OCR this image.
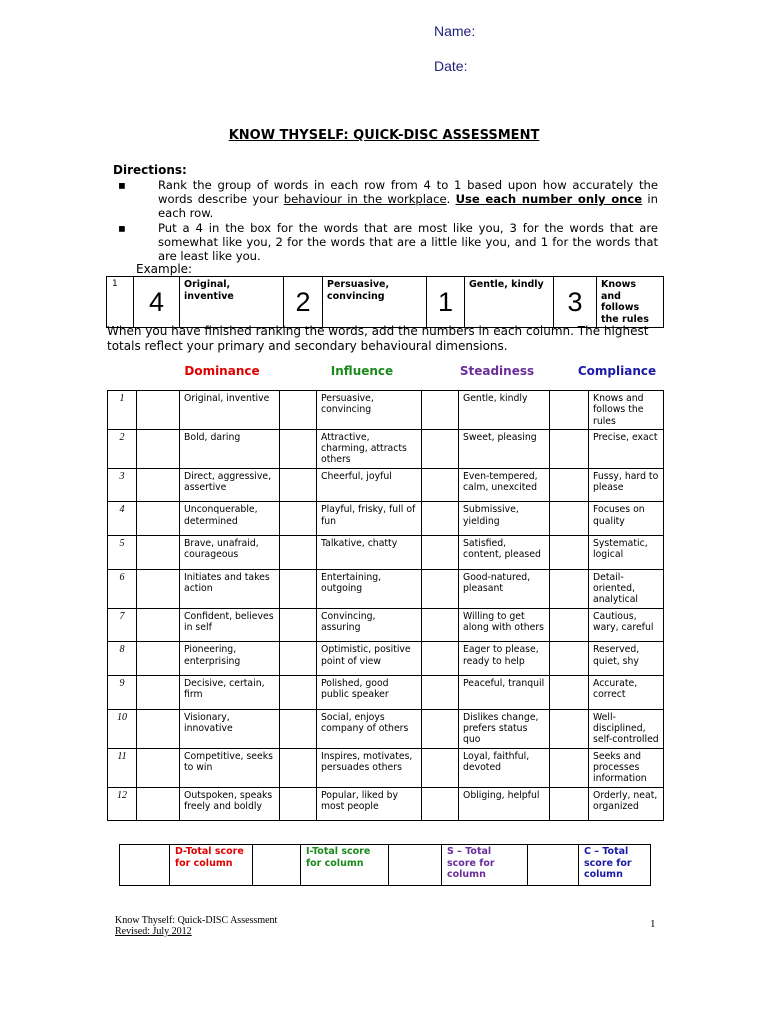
Name:
Date:
KNOW THYSELF: QUICK-DISC ASSESSMENT
Directions:
▪	Rank the group of words in each row from 4 to 1 based upon how accurately the words describe your behaviour in the workplace. Use each number only once in each row.
▪	Put a 4 in the box for the words that are most like you, 3 for the words that are somewhat like you, 2 for the words that are a little like you, and 1 for the words that are least like you.
Example:
1	4	Original, inventive	2	Persuasive, convincing	1	Gentle, kindly	3	Knows and follows the rules
When you have finished ranking the words, add the numbers in each column. The highest totals reflect your primary and secondary behavioural dimensions.
Dominance	Influence	Steadiness	Compliance
1		Original, inventive		Persuasive, convincing		Gentle, kindly		Knows and follows the rules
2		Bold, daring		Attractive, charming, attracts others		Sweet, pleasing		Precise, exact
3		Direct, aggressive, assertive		Cheerful, joyful		Even-tempered, calm, unexcited		Fussy, hard to please
4		Unconquerable, determined		Playful, frisky, full of fun		Submissive, yielding		Focuses on quality
5		Brave, unafraid, courageous		Talkative, chatty		Satisfied, content, pleased		Systematic, logical
6		Initiates and takes action		Entertaining, outgoing		Good-natured, pleasant		Detail-oriented, analytical
7		Confident, believes in self		Convincing, assuring		Willing to get along with others		Cautious, wary, careful
8		Pioneering, enterprising		Optimistic, positive point of view		Eager to please, ready to help		Reserved, quiet, shy
9		Decisive, certain, firm		Polished, good public speaker		Peaceful, tranquil		Accurate, correct
10		Visionary, innovative		Social, enjoys company of others		Dislikes change, prefers status quo		Well-disciplined, self-controlled
11		Competitive, seeks to win		Inspires, motivates, persuades others		Loyal, faithful, devoted		Seeks and processes information
12		Outspoken, speaks freely and boldly		Popular, liked by most people		Obliging, helpful		Orderly, neat, organized
	D-Total score for column		I-Total score for column		S – Total score for column		C – Total score for column
Know Thyself: Quick-DISC Assessment
Revised: July 2012
1
